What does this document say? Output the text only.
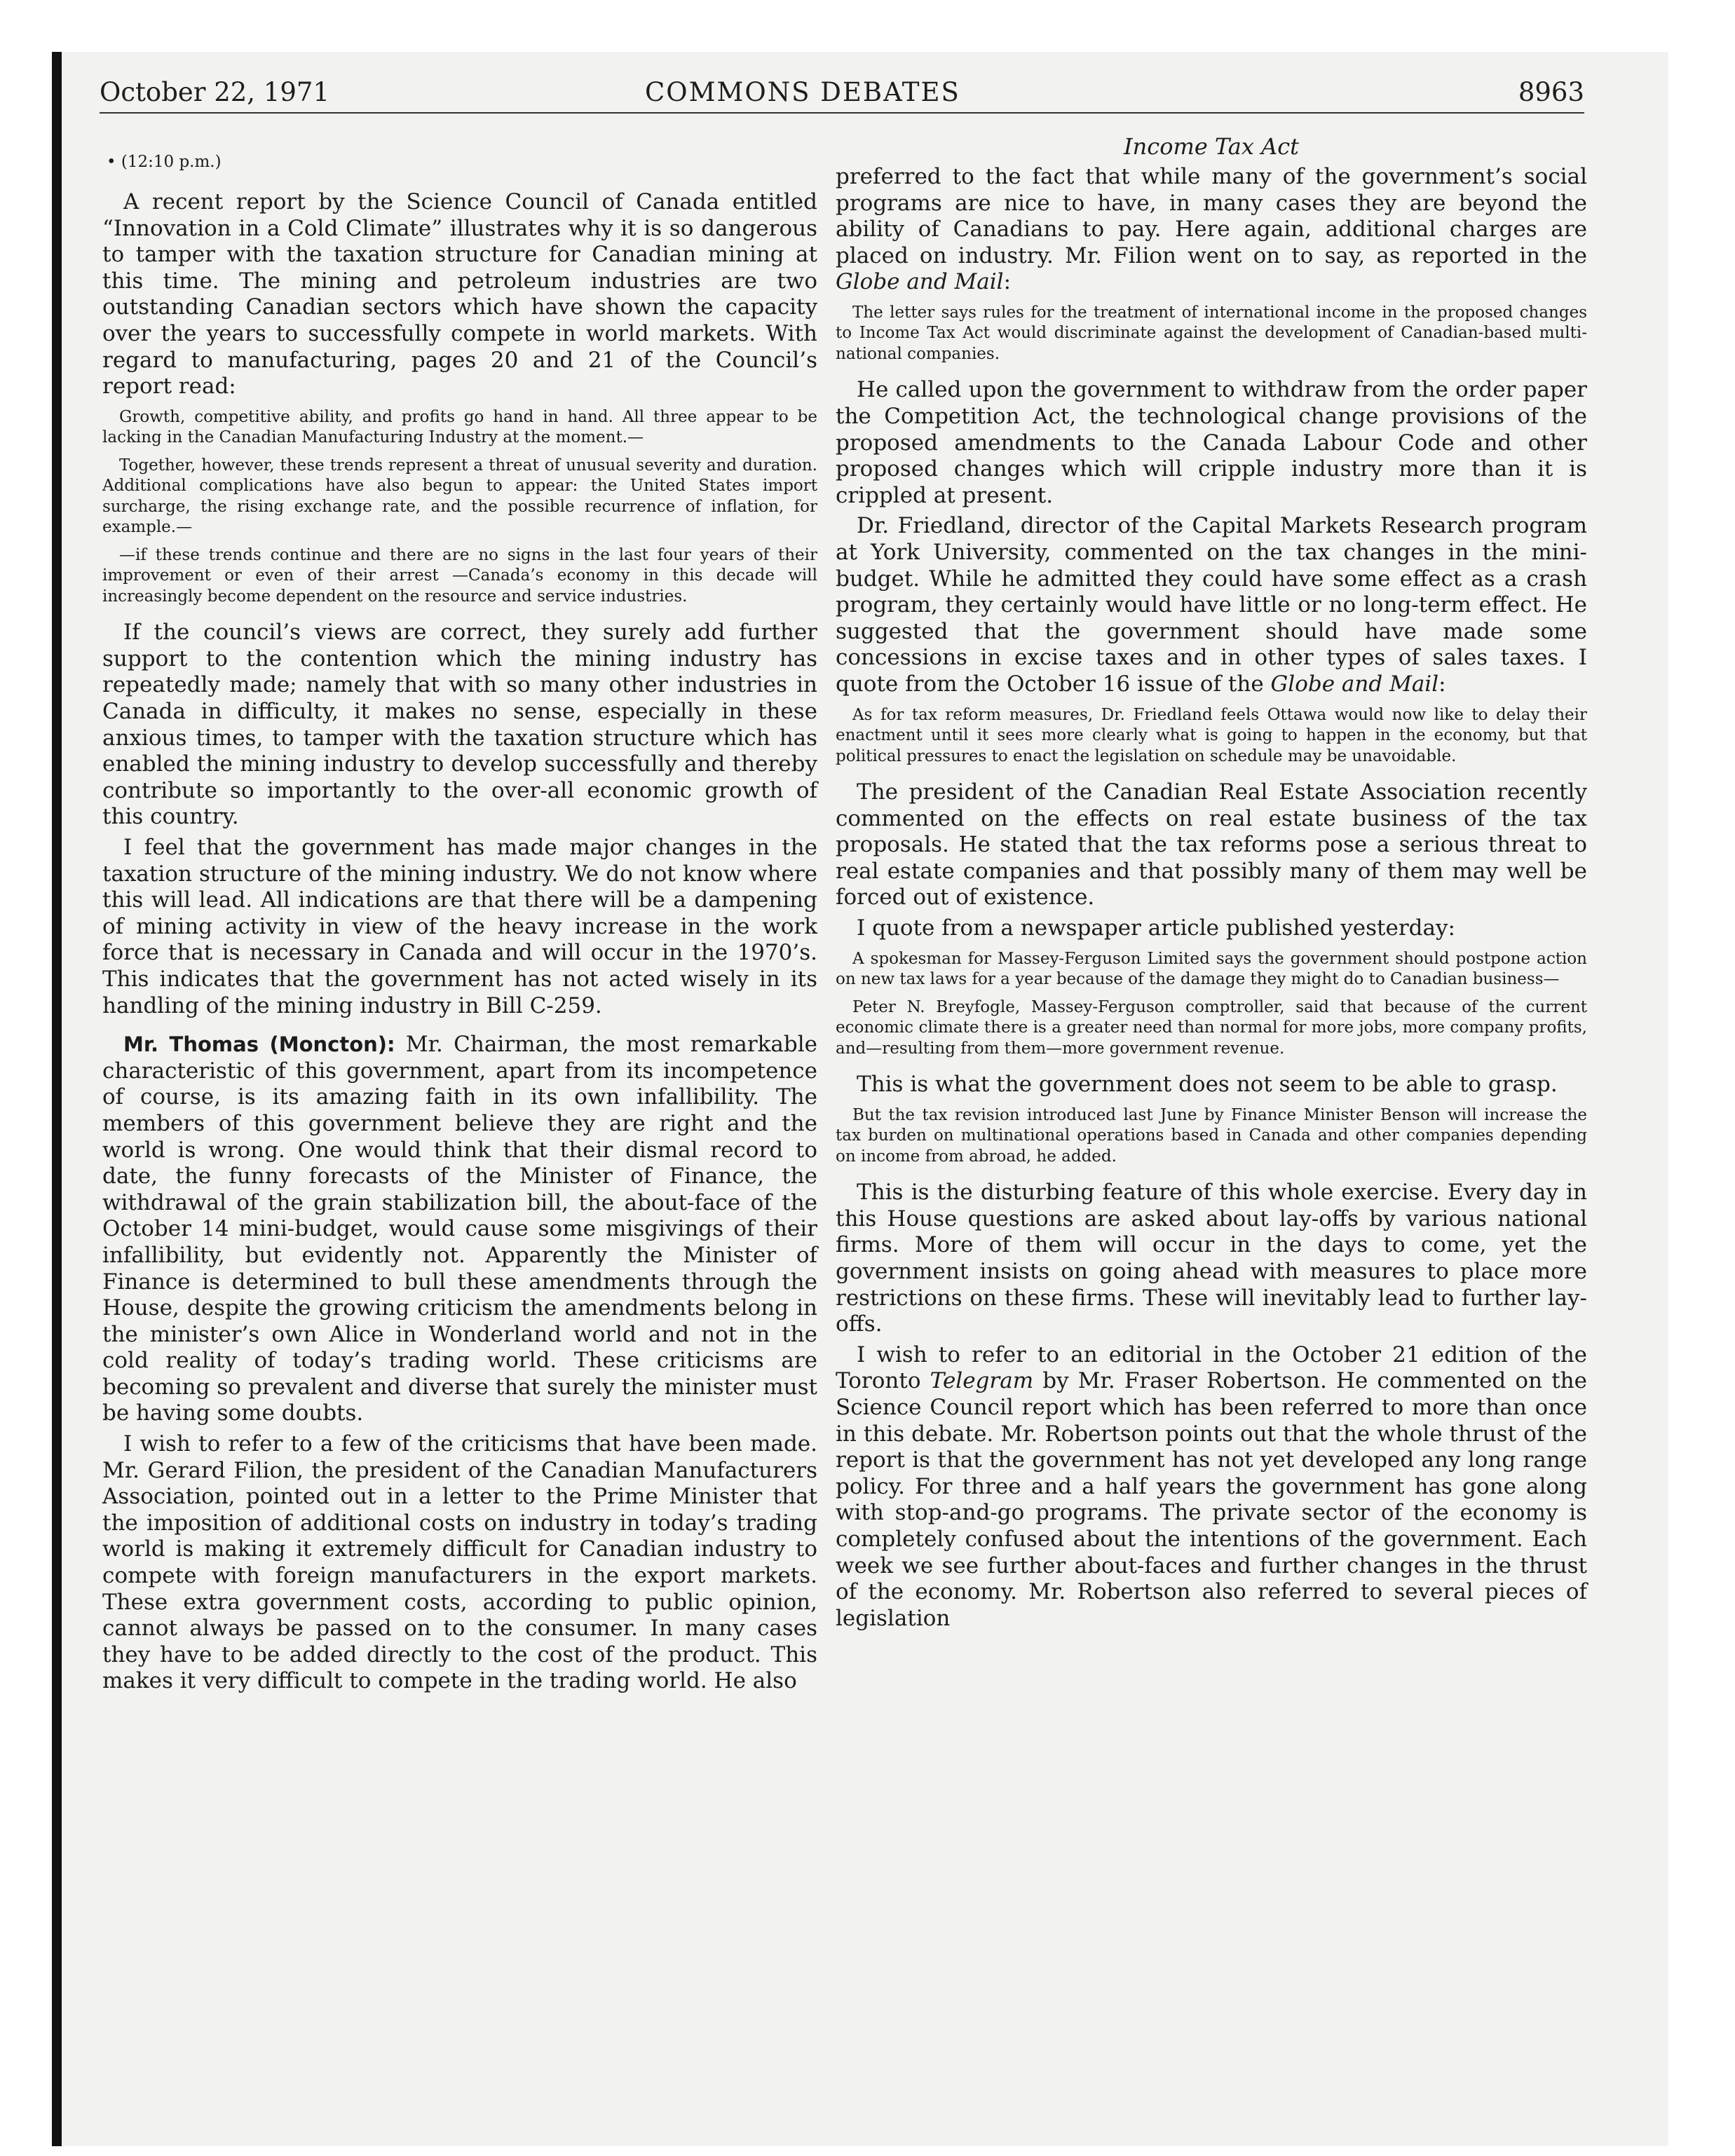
October 22, 1971	COMMONS DEBATES	8963
• (12:10 p.m.)

A recent report by the Science Council of Canada entitled “Innovation in a Cold Climate” illustrates why it is so dangerous to tamper with the taxation structure for Canadian mining at this time. The mining and petroleum industries are two outstanding Canadian sectors which have shown the capacity over the years to successfully compete in world markets. With regard to manufacturing, pages 20 and 21 of the Council’s report read:

Growth, competitive ability, and profits go hand in hand. All three appear to be lacking in the Canadian Manufacturing Industry at the moment.—

Together, however, these trends represent a threat of unusual severity and duration. Additional complications have also begun to appear: the United States import surcharge, the rising exchange rate, and the possible recurrence of inflation, for example.—

—if these trends continue and there are no signs in the last four years of their improvement or even of their arrest —Canada’s economy in this decade will increasingly become dependent on the resource and service industries.

If the council’s views are correct, they surely add further support to the contention which the mining industry has repeatedly made; namely that with so many other industries in Canada in difficulty, it makes no sense, especially in these anxious times, to tamper with the taxation structure which has enabled the mining industry to develop successfully and thereby contribute so importantly to the over-all economic growth of this country.

I feel that the government has made major changes in the taxation structure of the mining industry. We do not know where this will lead. All indications are that there will be a dampening of mining activity in view of the heavy increase in the work force that is necessary in Canada and will occur in the 1970’s. This indicates that the government has not acted wisely in its handling of the mining industry in Bill C-259.

Mr. Thomas (Moncton): Mr. Chairman, the most remarkable characteristic of this government, apart from its incompetence of course, is its amazing faith in its own infallibility. The members of this government believe they are right and the world is wrong. One would think that their dismal record to date, the funny forecasts of the Minister of Finance, the withdrawal of the grain stabilization bill, the about-face of the October 14 mini-budget, would cause some misgivings of their infallibility, but evidently not. Apparently the Minister of Finance is determined to bull these amendments through the House, despite the growing criticism the amendments belong in the minister’s own Alice in Wonderland world and not in the cold reality of today’s trading world. These criticisms are becoming so prevalent and diverse that surely the minister must be having some doubts.

I wish to refer to a few of the criticisms that have been made. Mr. Gerard Filion, the president of the Canadian Manufacturers Association, pointed out in a letter to the Prime Minister that the imposition of additional costs on industry in today’s trading world is making it extremely difficult for Canadian industry to compete with foreign manufacturers in the export markets. These extra government costs, according to public opinion, cannot always be passed on to the consumer. In many cases they have to be added directly to the cost of the product. This makes it very difficult to compete in the trading world. He also

Income Tax Act

preferred to the fact that while many of the government’s social programs are nice to have, in many cases they are beyond the ability of Canadians to pay. Here again, additional charges are placed on industry. Mr. Filion went on to say, as reported in the Globe and Mail:

The letter says rules for the treatment of international income in the proposed changes to Income Tax Act would discriminate against the development of Canadian-based multi-national companies.

He called upon the government to withdraw from the order paper the Competition Act, the technological change provisions of the proposed amendments to the Canada Labour Code and other proposed changes which will cripple industry more than it is crippled at present.

Dr. Friedland, director of the Capital Markets Research program at York University, commented on the tax changes in the mini-budget. While he admitted they could have some effect as a crash program, they certainly would have little or no long-term effect. He suggested that the government should have made some concessions in excise taxes and in other types of sales taxes. I quote from the October 16 issue of the Globe and Mail:

As for tax reform measures, Dr. Friedland feels Ottawa would now like to delay their enactment until it sees more clearly what is going to happen in the economy, but that political pressures to enact the legislation on schedule may be unavoidable.

The president of the Canadian Real Estate Association recently commented on the effects on real estate business of the tax proposals. He stated that the tax reforms pose a serious threat to real estate companies and that possibly many of them may well be forced out of existence.

I quote from a newspaper article published yesterday:

A spokesman for Massey-Ferguson Limited says the government should postpone action on new tax laws for a year because of the damage they might do to Canadian business—

Peter N. Breyfogle, Massey-Ferguson comptroller, said that because of the current economic climate there is a greater need than normal for more jobs, more company profits, and—resulting from them—more government revenue.

This is what the government does not seem to be able to grasp.

But the tax revision introduced last June by Finance Minister Benson will increase the tax burden on multinational operations based in Canada and other companies depending on income from abroad, he added.

This is the disturbing feature of this whole exercise. Every day in this House questions are asked about lay-offs by various national firms. More of them will occur in the days to come, yet the government insists on going ahead with measures to place more restrictions on these firms. These will inevitably lead to further lay-offs.

I wish to refer to an editorial in the October 21 edition of the Toronto Telegram by Mr. Fraser Robertson. He commented on the Science Council report which has been referred to more than once in this debate. Mr. Robertson points out that the whole thrust of the report is that the government has not yet developed any long range policy. For three and a half years the government has gone along with stop-and-go programs. The private sector of the economy is completely confused about the intentions of the government. Each week we see further about-faces and further changes in the thrust of the economy. Mr. Robertson also referred to several pieces of legislation
